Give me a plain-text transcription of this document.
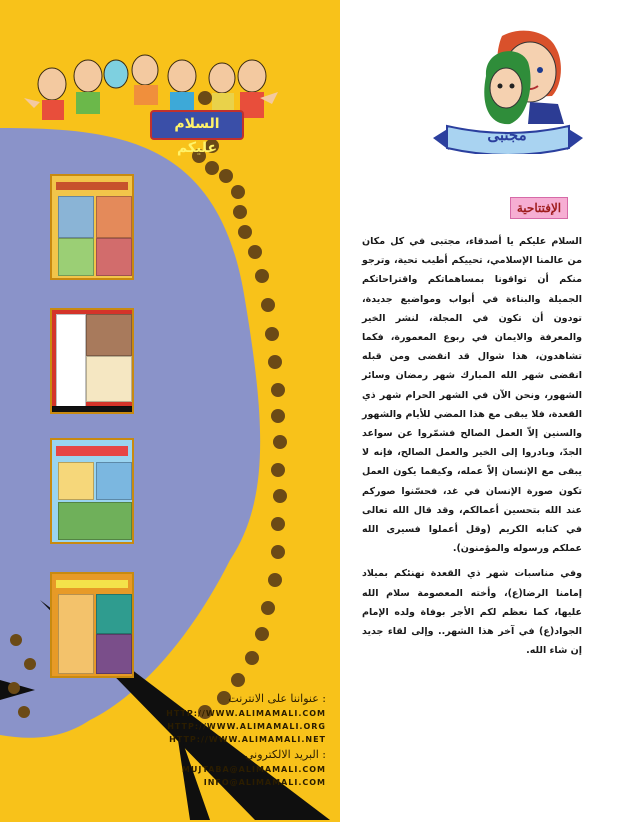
السلام عليكم
عنواننا على الانترنت :
HTTP://WWW.ALIMAMALI.COM
HTTP://WWW.ALIMAMALI.ORG
HTTP://WWW.ALIMAMALI.NET
البريد الالكتروني :
MUJTABA@ALIMAMALI.COM
INFO@ALIMAMALI.COM
مجتبى
الإفتتاحية

السلام عليكم يا أصدقاء، مجتبى في كل مكان من عالمنا الإسلامي، تحييكم أطيب تحية، وترجو منكم أن تواقونا بمساهماتكم واقتراحاتكم الجميلة والبناءة في أبواب ومواضيع جديدة، تودون أن تكون في المجلة، لنشر الخير والمعرفة والايمان في ربوع المعمورة، فكما تشاهدون، هذا شوال قد انقضى ومن قبله انقضى شهر الله المبارك شهر رمضان وسائر الشهور، ونحن الآن في الشهر الحرام شهر ذي القعدة، فلا يبقى مع هذا المضي للأيام والشهور والسنين إلاّ العمل الصالح فشمّروا عن سواعد الجدّ، وبادروا إلى الخير والعمل الصالح، فإنه لا يبقى مع الإنسان إلاّ عمله، وكيفما يكون العمل تكون صورة الإنسان في غد، فحسّنوا صوركم عند الله بتحسين أعمالكم، وقد قال الله تعالى في كتابه الكريم (وقل أعملوا فسيرى الله عملكم ورسوله والمؤمنون).

وفي مناسبات شهر ذي القعدة نهنئكم بميلاد إمامنا الرضا(ع)، وأخته المعصومة سلام الله عليها، كما نعظم لكم الأجر بوفاة ولده الإمام الجواد(ع) في آخر هذا الشهر.. وإلى لقاء جديد إن شاء الله.
